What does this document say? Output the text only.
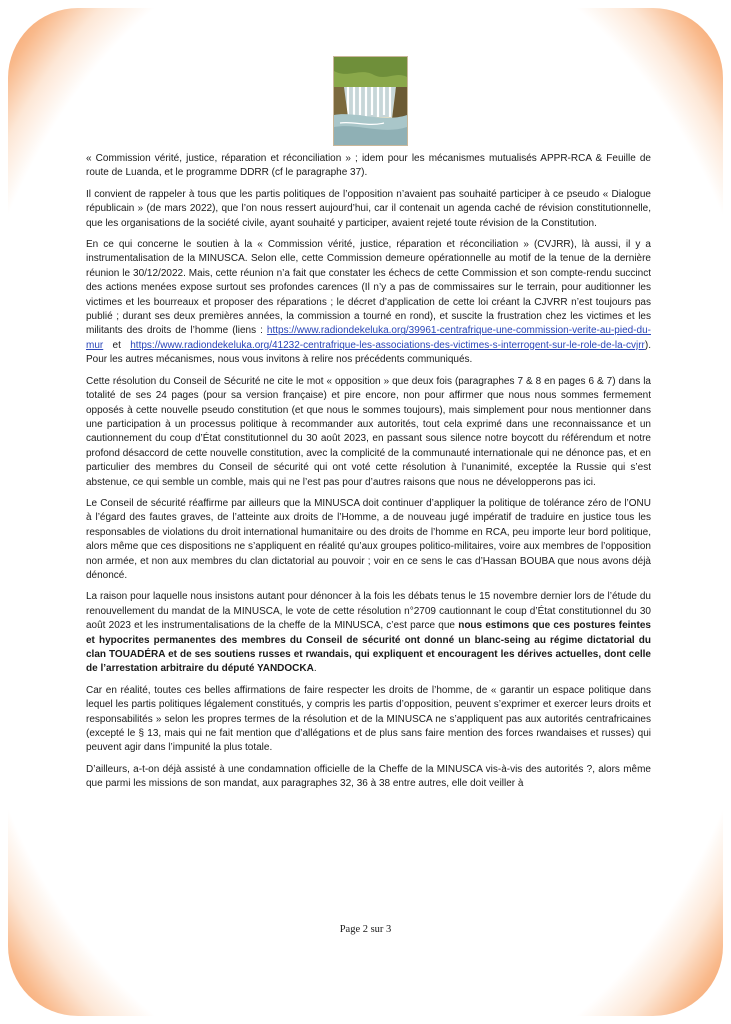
« Commission vérité, justice, réparation et réconciliation » ; idem pour les mécanismes mutualisés APPR-RCA & Feuille de route de Luanda, et le programme DDRR (cf le paragraphe 37).

Il convient de rappeler à tous que les partis politiques de l’opposition n’avaient pas souhaité participer à ce pseudo « Dialogue républicain » (de mars 2022), que l’on nous ressert aujourd’hui, car il contenait un agenda caché de révision constitutionnelle, que les organisations de la société civile, ayant souhaité y participer, avaient rejeté toute révision de la Constitution.

En ce qui concerne le soutien à la « Commission vérité, justice, réparation et réconciliation » (CVJRR), là aussi, il y a instrumentalisation de la MINUSCA. Selon elle, cette Commission demeure opérationnelle au motif de la tenue de la dernière réunion le 30/12/2022. Mais, cette réunion n’a fait que constater les échecs de cette Commission et son compte-rendu succinct des actions menées expose surtout ses profondes carences (Il n’y a pas de commissaires sur le terrain, pour auditionner les victimes et les bourreaux et proposer des réparations ; le décret d’application de cette loi créant la CJVRR n’est toujours pas publié ; durant ses deux premières années, la commission a tourné en rond), et suscite la frustration chez les victimes et les militants des droits de l’homme (liens : https://www.radiondekeluka.org/39961-centrafrique-une-commission-verite-au-pied-du-mur et https://www.radiondekeluka.org/41232-centrafrique-les-associations-des-victimes-s-interrogent-sur-le-role-de-la-cvjrr). Pour les autres mécanismes, nous vous invitons à relire nos précédents communiqués.

Cette résolution du Conseil de Sécurité ne cite le mot « opposition » que deux fois (paragraphes 7 & 8 en pages 6 & 7) dans la totalité de ses 24 pages (pour sa version française) et pire encore, non pour affirmer que nous nous sommes fermement opposés à cette nouvelle pseudo constitution (et que nous le sommes toujours), mais simplement pour nous mentionner dans une participation à un processus politique à recommander aux autorités, tout cela exprimé dans une reconnaissance et un cautionnement du coup d’État constitutionnel du 30 août 2023, en passant sous silence notre boycott du référendum et notre profond désaccord de cette nouvelle constitution, avec la complicité de la communauté internationale qui ne dénonce pas, et en particulier des membres du Conseil de sécurité qui ont voté cette résolution à l’unanimité, exceptée la Russie qui s’est abstenue, ce qui semble un comble, mais qui ne l’est pas pour d’autres raisons que nous ne développerons pas ici.

Le Conseil de sécurité réaffirme par ailleurs que la MINUSCA doit continuer d’appliquer la politique de tolérance zéro de l’ONU à l’égard des fautes graves, de l’atteinte aux droits de l’Homme, a de nouveau jugé impératif de traduire en justice tous les responsables de violations du droit international humanitaire ou des droits de l’homme en RCA, peu importe leur bord politique, alors même que ces dispositions ne s’appliquent en réalité qu’aux groupes politico-militaires, voire aux membres de l’opposition non armée, et non aux membres du clan dictatorial au pouvoir ; voir en ce sens le cas d’Hassan BOUBA que nous avons déjà dénoncé.

La raison pour laquelle nous insistons autant pour dénoncer à la fois les débats tenus le 15 novembre dernier lors de l’étude du renouvellement du mandat de la MINUSCA, le vote de cette résolution n°2709 cautionnant le coup d’État constitutionnel du 30 août 2023 et les instrumentalisations de la cheffe de la MINUSCA, c’est parce que nous estimons que ces postures feintes et hypocrites permanentes des membres du Conseil de sécurité ont donné un blanc-seing au régime dictatorial du clan TOUADÉRA et de ses soutiens russes et rwandais, qui expliquent et encouragent les dérives actuelles, dont celle de l’arrestation arbitraire du député YANDOCKA.

Car en réalité, toutes ces belles affirmations de faire respecter les droits de l’homme, de « garantir un espace politique dans lequel les partis politiques légalement constitués, y compris les partis d’opposition, peuvent s’exprimer et exercer leurs droits et responsabilités » selon les propres termes de la résolution et de la MINUSCA ne s’appliquent pas aux autorités centrafricaines (excepté le § 13, mais qui ne fait mention que d’allégations et de plus sans faire mention des forces rwandaises et russes) qui peuvent agir dans l’impunité la plus totale.

D’ailleurs, a-t-on déjà assisté à une condamnation officielle de la Cheffe de la MINUSCA vis-à-vis des autorités ?, alors même que parmi les missions de son mandat, aux paragraphes 32, 36 à 38 entre autres, elle doit veiller à

Page 2 sur 3
